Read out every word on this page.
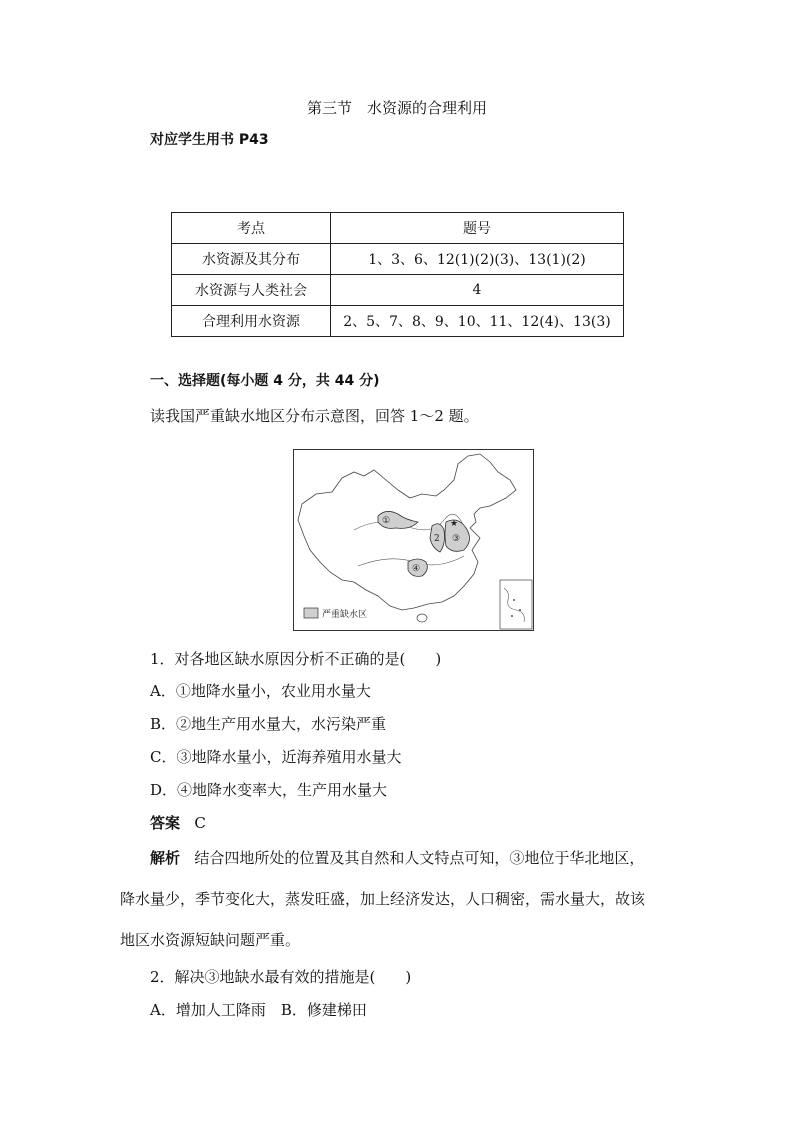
第三节　水资源的合理利用
对应学生用书 P43
考点	题号
水资源及其分布	1、3、6、12(1)(2)(3)、13(1)(2)
水资源与人类社会	4
合理利用水资源	2、5、7、8、9、10、11、12(4)、13(3)
一、选择题(每小题 4 分，共 44 分)
读我国严重缺水地区分布示意图，回答 1～2 题。
★
①
2 ③
④
严重缺水区
1．对各地区缺水原因分析不正确的是(　　)
A．①地降水量小，农业用水量大
B．②地生产用水量大，水污染严重
C．③地降水量小，近海养殖用水量大
D．④地降水变率大，生产用水量大
答案 C
解析 结合四地所处的位置及其自然和人文特点可知，③地位于华北地区，
降水量少，季节变化大，蒸发旺盛，加上经济发达，人口稠密，需水量大，故该
地区水资源短缺问题严重。
2．解决③地缺水最有效的措施是(　　)
A．增加人工降雨　B．修建梯田
